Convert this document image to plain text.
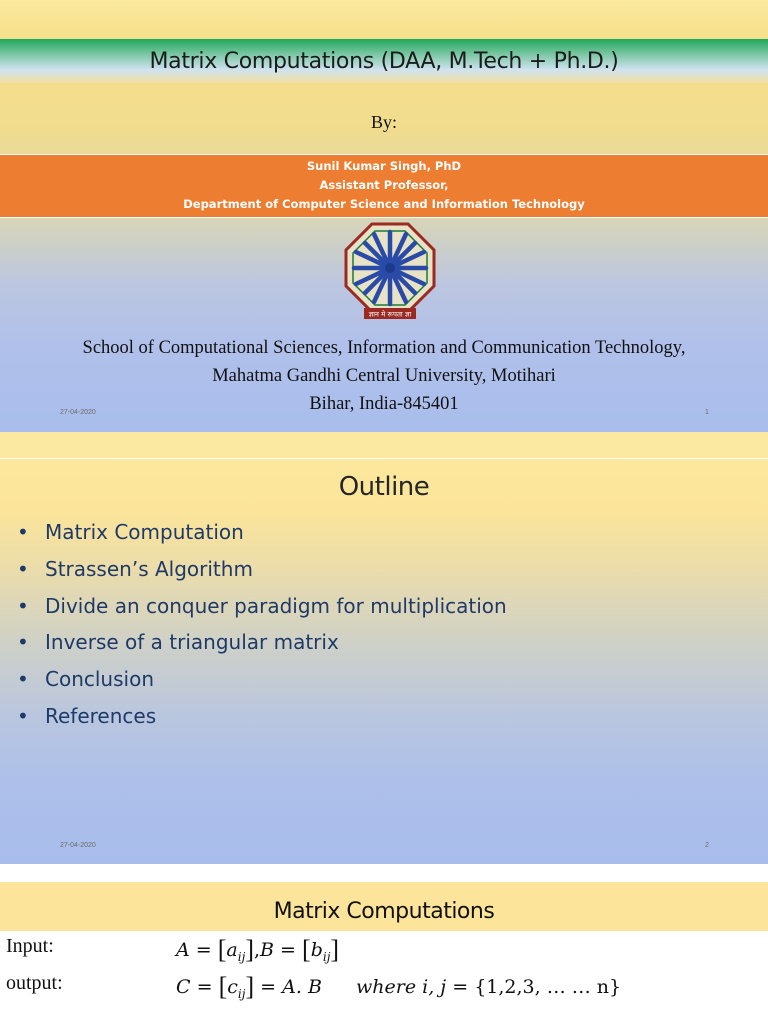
Matrix Computations (DAA, M.Tech + Ph.D.)
By:
Sunil Kumar Singh, PhD
Assistant Professor,
Department of Computer Science and Information Technology
ज्ञान मे रूपता ज्ञा
School of Computational Sciences, Information and Communication Technology,
Mahatma Gandhi Central University, Motihari
Bihar, India-845401
27-04-2020	1
Outline
• Matrix Computation
• Strassen’s Algorithm
• Divide an conquer paradigm for multiplication
• Inverse of a triangular matrix
• Conclusion
• References
27-04-2020	2
Matrix Computations
Input:	$A = [a_{ij}],B = [b_{ij}]$
output:	$C = [c_{ij}] = A$. B where i, j = {1,2,3, … … n}
